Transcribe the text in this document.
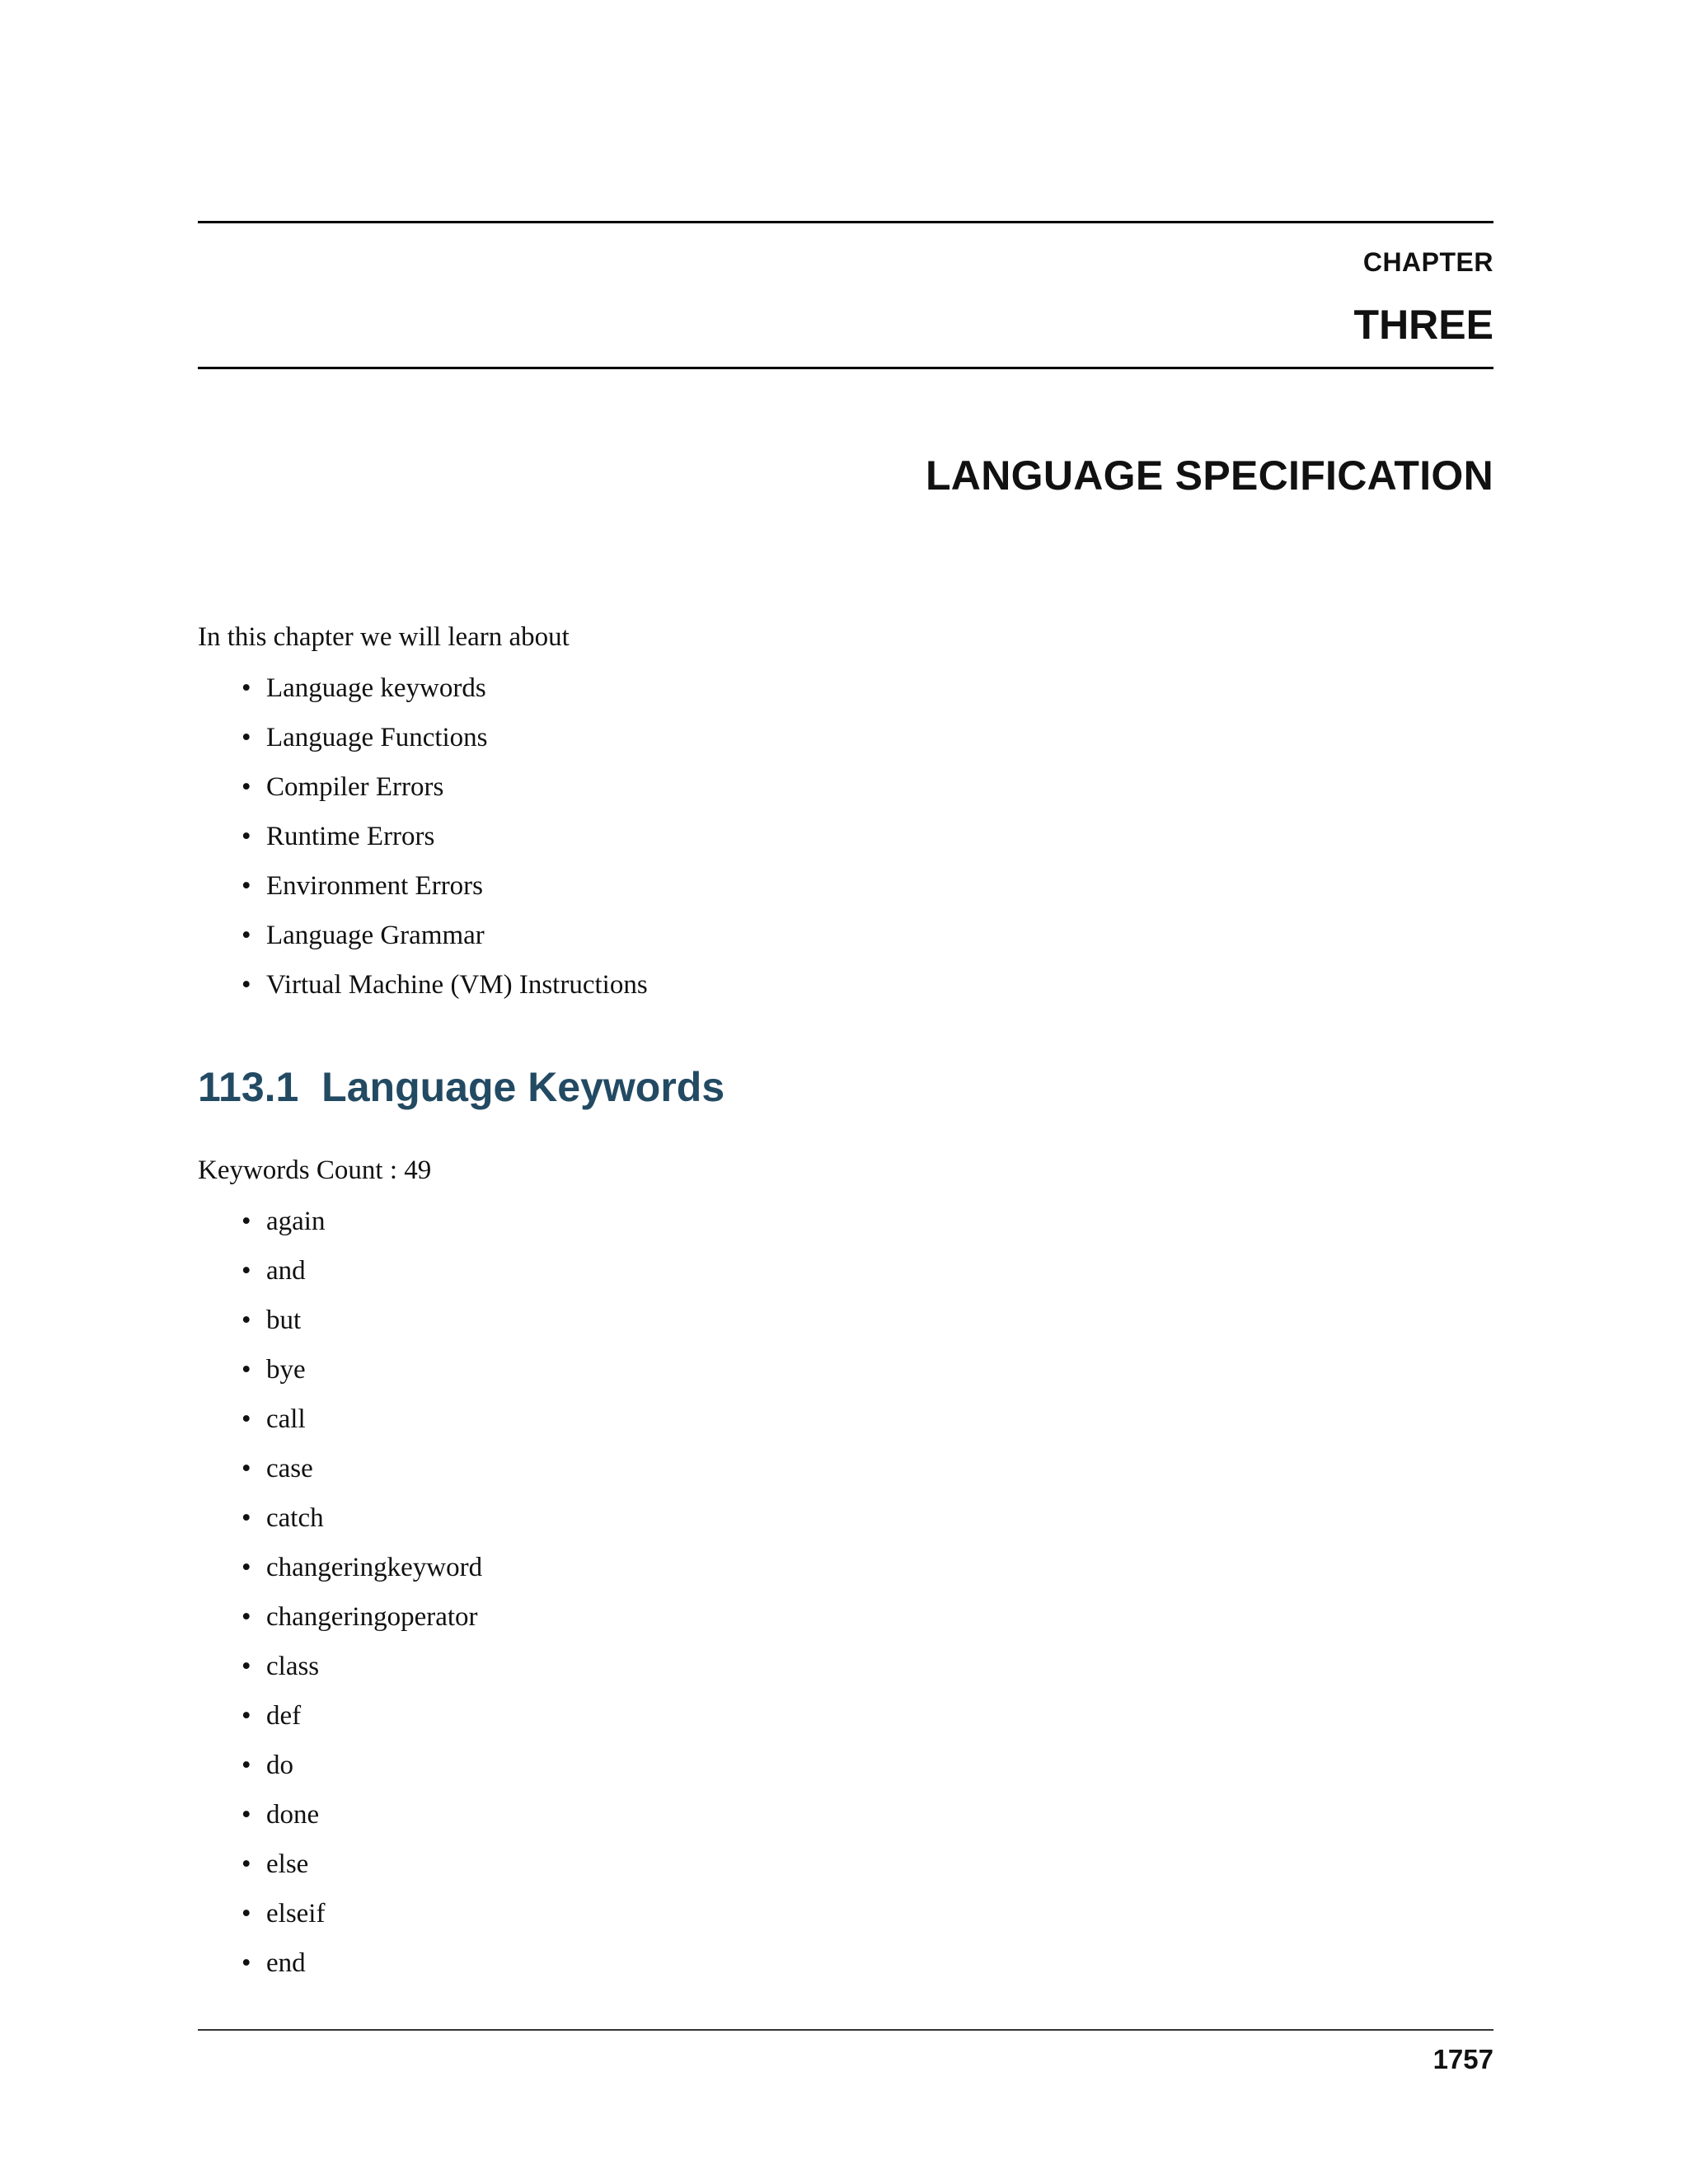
CHAPTER
THREE
LANGUAGE SPECIFICATION
In this chapter we will learn about
• Language keywords
• Language Functions
• Compiler Errors
• Runtime Errors
• Environment Errors
• Language Grammar
• Virtual Machine (VM) Instructions
113.1 Language Keywords
Keywords Count : 49
• again
• and
• but
• bye
• call
• case
• catch
• changeringkeyword
• changeringoperator
• class
• def
• do
• done
• else
• elseif
• end
1757
